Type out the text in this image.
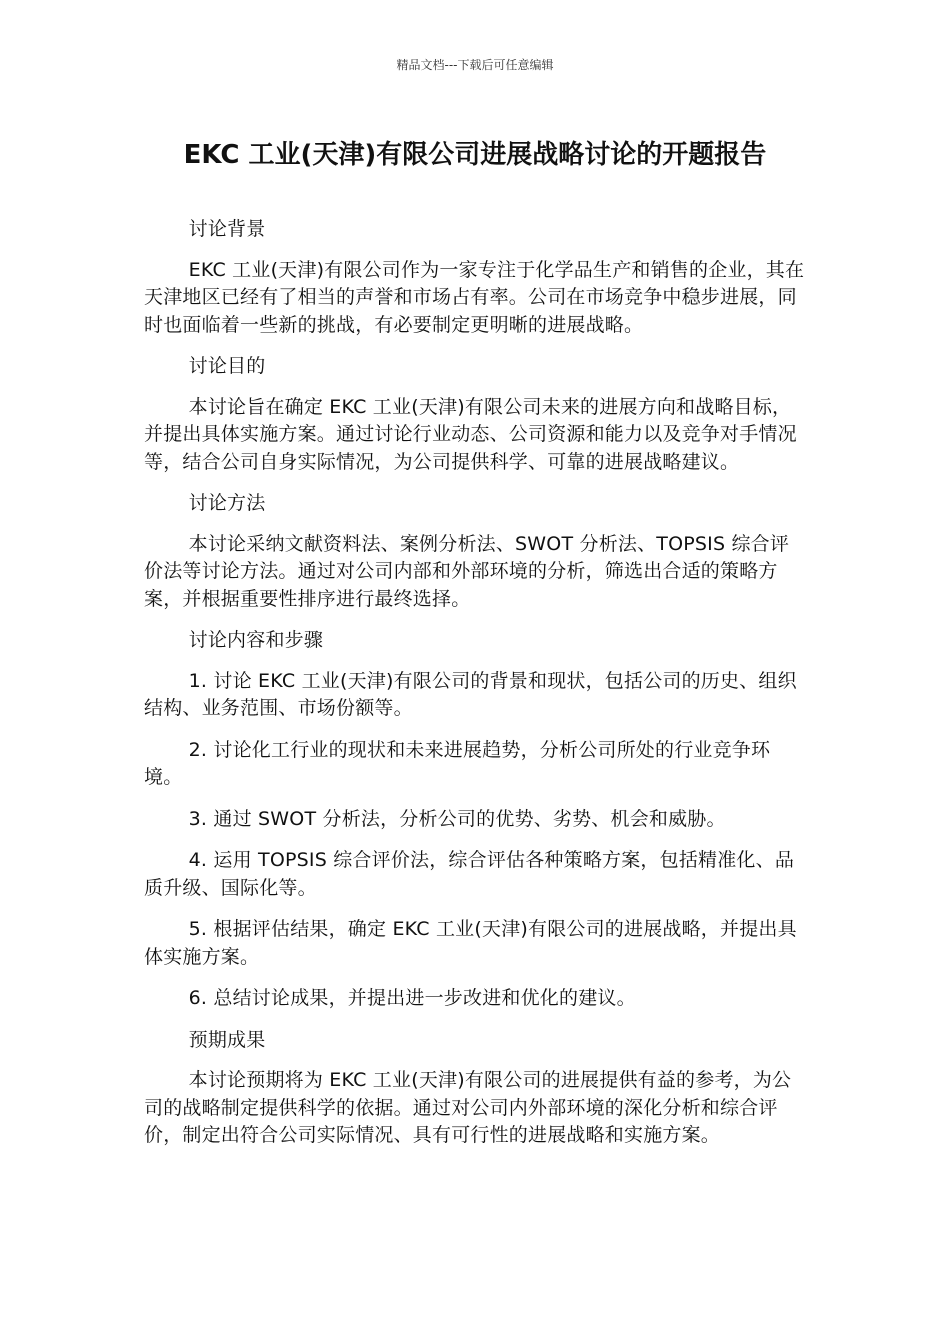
精品文档---下载后可任意编辑
EKC 工业(天津)有限公司进展战略讨论的开题报告

讨论背景

EKC 工业(天津)有限公司作为一家专注于化学品生产和销售的企业，其在天津地区已经有了相当的声誉和市场占有率。公司在市场竞争中稳步进展，同时也面临着一些新的挑战，有必要制定更明晰的进展战略。

讨论目的

本讨论旨在确定 EKC 工业(天津)有限公司未来的进展方向和战略目标，并提出具体实施方案。通过讨论行业动态、公司资源和能力以及竞争对手情况等，结合公司自身实际情况，为公司提供科学、可靠的进展战略建议。

讨论方法

本讨论采纳文献资料法、案例分析法、SWOT 分析法、TOPSIS 综合评价法等讨论方法。通过对公司内部和外部环境的分析，筛选出合适的策略方案，并根据重要性排序进行最终选择。

讨论内容和步骤

1. 讨论 EKC 工业(天津)有限公司的背景和现状，包括公司的历史、组织结构、业务范围、市场份额等。

2. 讨论化工行业的现状和未来进展趋势，分析公司所处的行业竞争环境。

3. 通过 SWOT 分析法，分析公司的优势、劣势、机会和威胁。

4. 运用 TOPSIS 综合评价法，综合评估各种策略方案，包括精准化、品质升级、国际化等。

5. 根据评估结果，确定 EKC 工业(天津)有限公司的进展战略，并提出具体实施方案。

6. 总结讨论成果，并提出进一步改进和优化的建议。

预期成果

本讨论预期将为 EKC 工业(天津)有限公司的进展提供有益的参考，为公司的战略制定提供科学的依据。通过对公司内外部环境的深化分析和综合评价，制定出符合公司实际情况、具有可行性的进展战略和实施方案。
